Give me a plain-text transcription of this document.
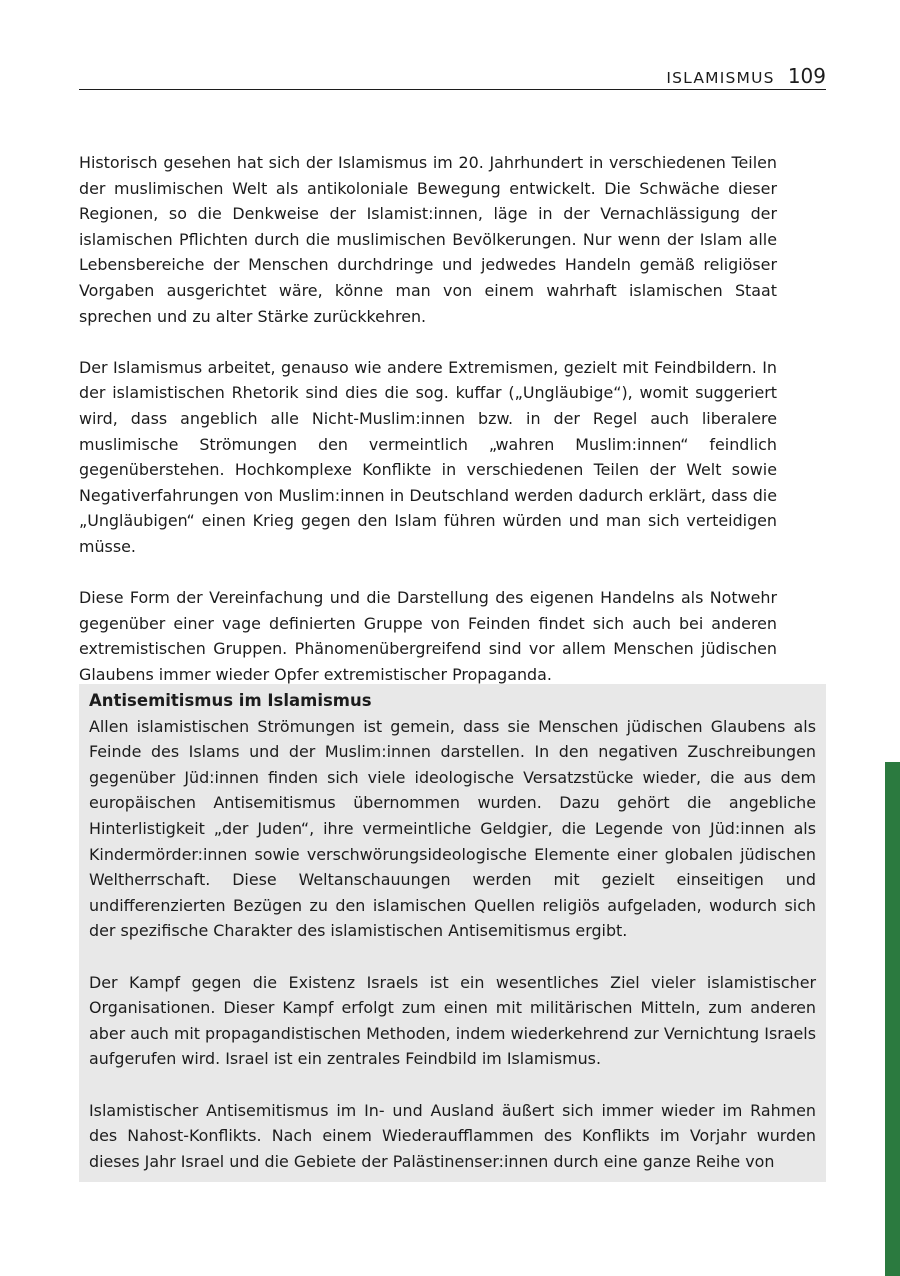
ISLAMISMUS 109

Historisch gesehen hat sich der Islamismus im 20. Jahrhundert in verschiedenen Teilen der muslimischen Welt als antikoloniale Bewegung entwickelt. Die Schwäche dieser Regionen, so die Denkweise der Islamist:innen, läge in der Vernachlässigung der islamischen Pflichten durch die muslimischen Bevölkerungen. Nur wenn der Islam alle Lebensbereiche der Menschen durchdringe und jedwedes Handeln gemäß religiöser Vorgaben ausgerichtet wäre, könne man von einem wahrhaft islamischen Staat sprechen und zu alter Stärke zurückkehren.

Der Islamismus arbeitet, genauso wie andere Extremismen, gezielt mit Feindbildern. In der islamistischen Rhetorik sind dies die sog. kuffar („Ungläubige“), womit suggeriert wird, dass angeblich alle Nicht-Muslim:innen bzw. in der Regel auch liberalere muslimische Strömungen den vermeintlich „wahren Muslim:innen“ feindlich gegenüberstehen. Hochkomplexe Konflikte in verschiedenen Teilen der Welt sowie Negativerfahrungen von Muslim:innen in Deutschland werden dadurch erklärt, dass die „Ungläubigen“ einen Krieg gegen den Islam führen würden und man sich verteidigen müsse.

Diese Form der Vereinfachung und die Darstellung des eigenen Handelns als Notwehr gegenüber einer vage definierten Gruppe von Feinden findet sich auch bei anderen extremistischen Gruppen. Phänomenübergreifend sind vor allem Menschen jüdischen Glaubens immer wieder Opfer extremistischer Propaganda.

Antisemitismus im Islamismus

Allen islamistischen Strömungen ist gemein, dass sie Menschen jüdischen Glaubens als Feinde des Islams und der Muslim:innen darstellen. In den negativen Zuschreibungen gegenüber Jüd:innen finden sich viele ideologische Versatzstücke wieder, die aus dem europäischen Antisemitismus übernommen wurden. Dazu gehört die angebliche Hinterlistigkeit „der Juden“, ihre vermeintliche Geldgier, die Legende von Jüd:innen als Kindermörder:innen sowie verschwörungsideologische Elemente einer globalen jüdischen Weltherrschaft. Diese Weltanschauungen werden mit gezielt einseitigen und undifferenzierten Bezügen zu den islamischen Quellen religiös aufgeladen, wodurch sich der spezifische Charakter des islamistischen Antisemitismus ergibt.

Der Kampf gegen die Existenz Israels ist ein wesentliches Ziel vieler islamistischer Organisationen. Dieser Kampf erfolgt zum einen mit militärischen Mitteln, zum anderen aber auch mit propagandistischen Methoden, indem wiederkehrend zur Vernichtung Israels aufgerufen wird. Israel ist ein zentrales Feindbild im Islamismus.

Islamistischer Antisemitismus im In- und Ausland äußert sich immer wieder im Rahmen des Nahost-Konflikts. Nach einem Wiederaufflammen des Konflikts im Vorjahr wurden dieses Jahr Israel und die Gebiete der Palästinenser:innen durch eine ganze Reihe von
